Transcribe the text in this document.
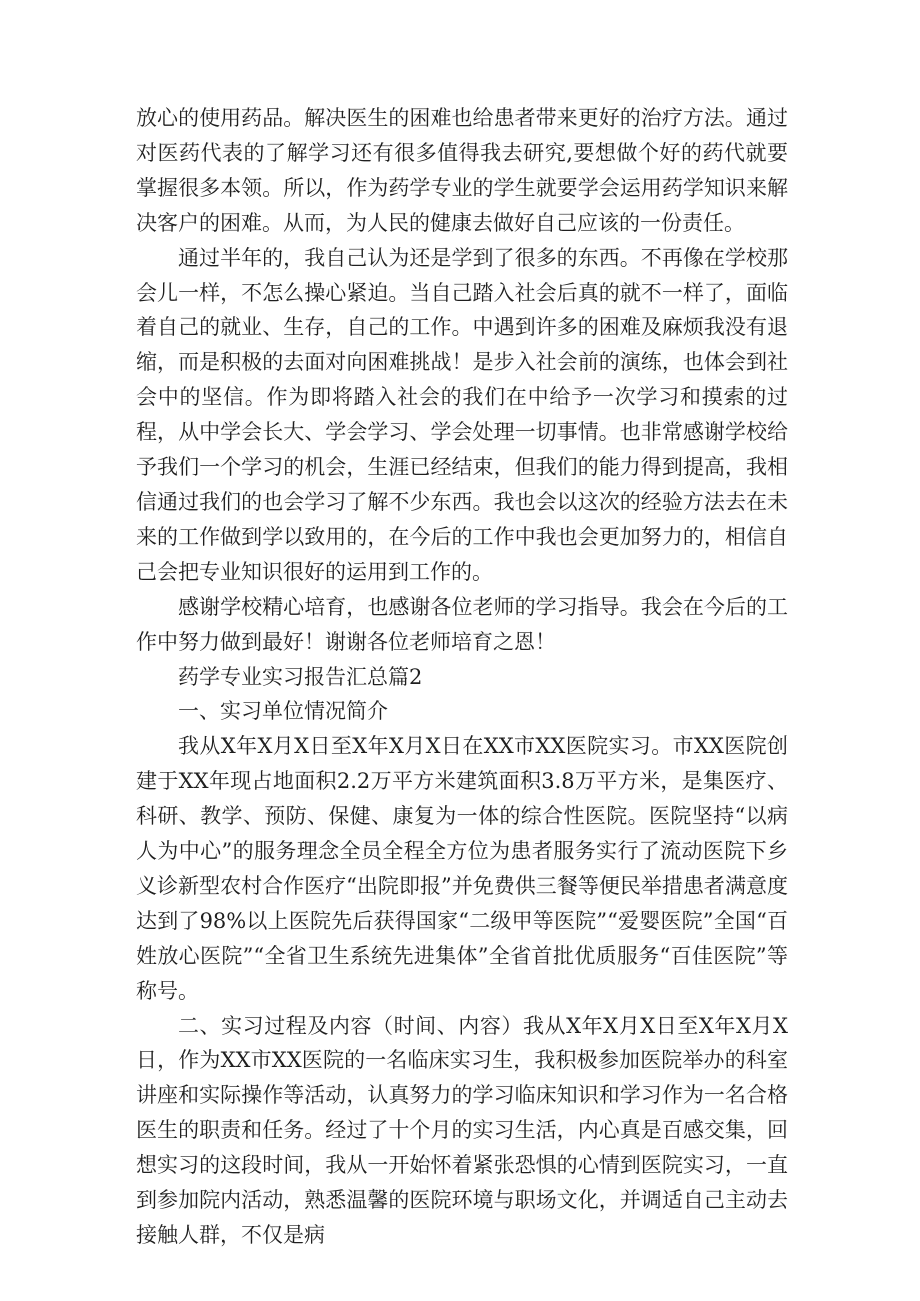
放心的使用药品。解决医生的困难也给患者带来更好的治疗方法。通过对医药代表的了解学习还有很多值得我去研究,要想做个好的药代就要掌握很多本领。所以，作为药学专业的学生就要学会运用药学知识来解决客户的困难。从而，为人民的健康去做好自己应该的一份责任。

通过半年的，我自己认为还是学到了很多的东西。不再像在学校那会儿一样，不怎么操心紧迫。当自己踏入社会后真的就不一样了，面临着自己的就业、生存，自己的工作。中遇到许多的困难及麻烦我没有退缩，而是积极的去面对向困难挑战！是步入社会前的演练，也体会到社会中的坚信。作为即将踏入社会的我们在中给予一次学习和摸索的过程，从中学会长大、学会学习、学会处理一切事情。也非常感谢学校给予我们一个学习的机会，生涯已经结束，但我们的能力得到提高，我相信通过我们的也会学习了解不少东西。我也会以这次的经验方法去在未来的工作做到学以致用的，在今后的工作中我也会更加努力的，相信自己会把专业知识很好的运用到工作的。

感谢学校精心培育，也感谢各位老师的学习指导。我会在今后的工作中努力做到最好！谢谢各位老师培育之恩！

药学专业实习报告汇总篇2

一、实习单位情况简介

我从X年X月X日至X年X月X日在XX市XX医院实习。市XX医院创建于XX年现占地面积2.2万平方米建筑面积3.8万平方米，是集医疗、科研、教学、预防、保健、康复为一体的综合性医院。医院坚持“以病人为中心”的服务理念全员全程全方位为患者服务实行了流动医院下乡义诊新型农村合作医疗“出院即报”并免费供三餐等便民举措患者满意度达到了98%以上医院先后获得国家“二级甲等医院”“爱婴医院”全国“百姓放心医院”“全省卫生系统先进集体”全省首批优质服务“百佳医院”等称号。

二、实习过程及内容（时间、内容）我从X年X月X日至X年X月X日，作为XX市XX医院的一名临床实习生，我积极参加医院举办的科室讲座和实际操作等活动，认真努力的学习临床知识和学习作为一名合格医生的职责和任务。经过了十个月的实习生活，内心真是百感交集，回想实习的这段时间，我从一开始怀着紧张恐惧的心情到医院实习，一直到参加院内活动，熟悉温馨的医院环境与职场文化，并调适自己主动去接触人群，不仅是病
